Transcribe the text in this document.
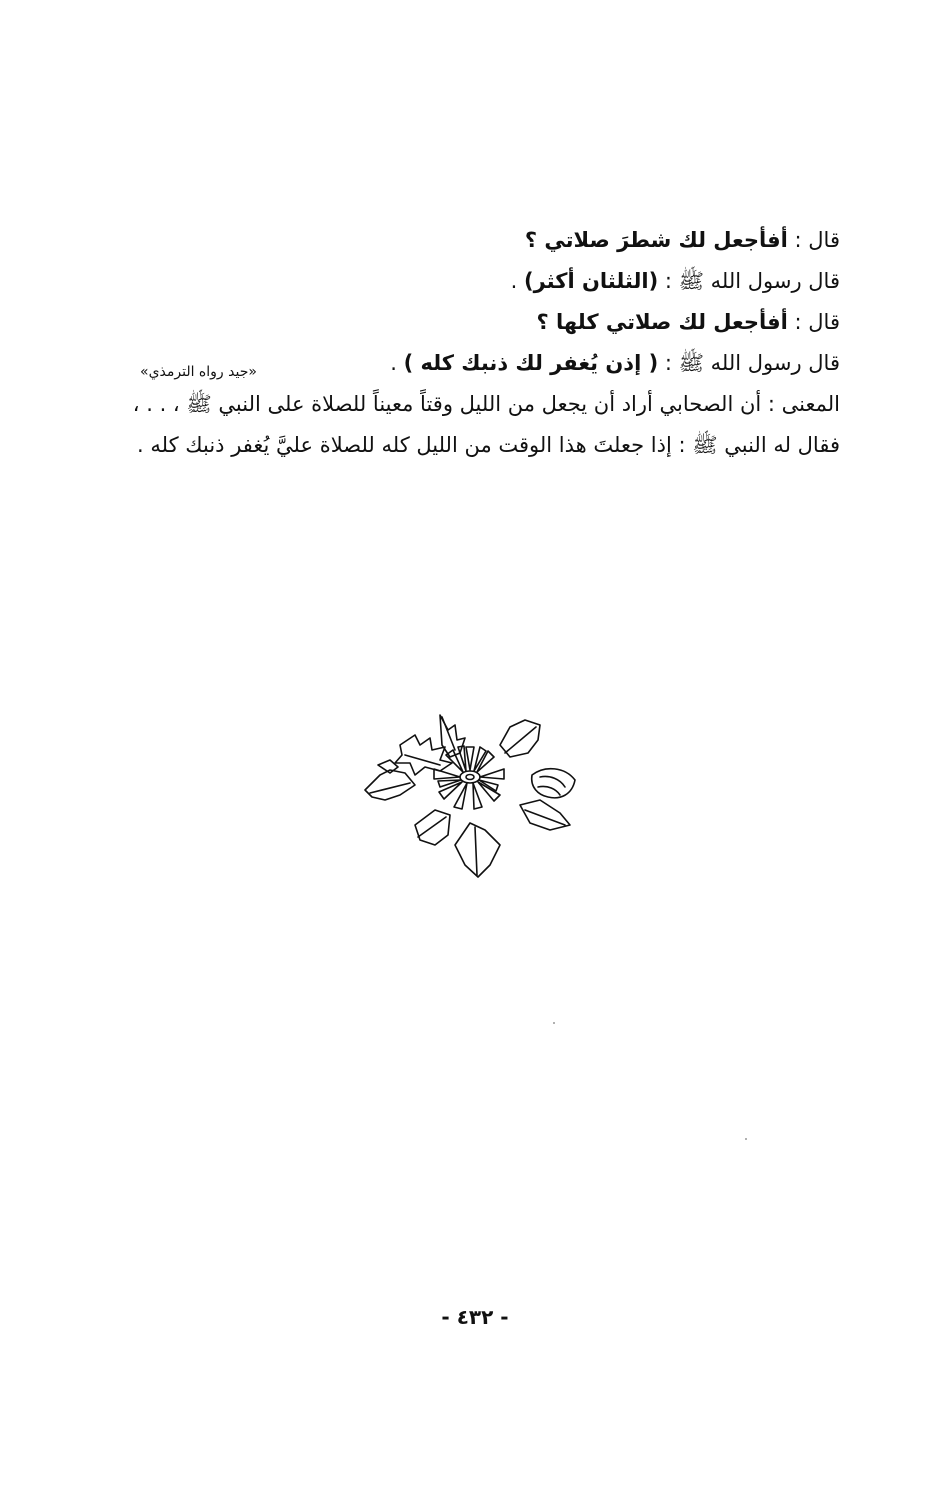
قال : أفأجعل لك شطرَ صلاتي ؟
قال رسول الله ﷺ : (الثلثان أكثر) .
قال : أفأجعل لك صلاتي كلها ؟
قال رسول الله ﷺ : ( إذن يُغفر لك ذنبك كله ) .
المعنى : أن الصحابي أراد أن يجعل من الليل وقتاً معيناً للصلاة على النبي ﷺ ، . . ،
فقال له النبي ﷺ : إذا جعلتَ هذا الوقت من الليل كله للصلاة عليَّ يُغفر ذنبك كله .
«جيد رواه الترمذي»
- ٤٣٢ -
